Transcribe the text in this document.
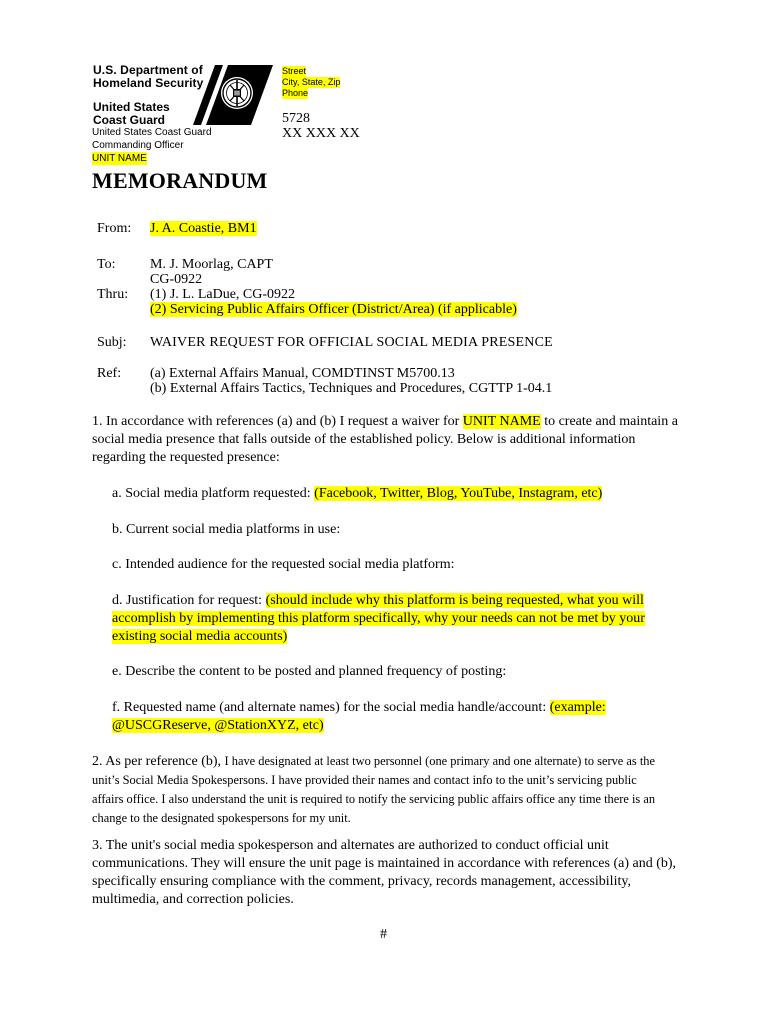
U.S. Department of
Homeland Security
United States
Coast Guard
Street
City, State, Zip
Phone
United States Coast Guard
Commanding Officer
UNIT NAME
5728
XX XXX XX
MEMORANDUM
From: J. A. Coastie, BM1
To: M. J. Moorlag, CAPT
CG-0922
(1) J. L. LaDue, CG-0922
(2) Servicing Public Affairs Officer (District/Area) (if applicable)
Thru:
Subj: WAIVER REQUEST FOR OFFICIAL SOCIAL MEDIA PRESENCE
Ref: (a) External Affairs Manual, COMDTINST M5700.13
(b) External Affairs Tactics, Techniques and Procedures, CGTTP 1-04.1
1. In accordance with references (a) and (b) I request a waiver for UNIT NAME to create and maintain a social media presence that falls outside of the established policy. Below is additional information regarding the requested presence:
a. Social media platform requested: (Facebook, Twitter, Blog, YouTube, Instagram, etc)
b. Current social media platforms in use:
c. Intended audience for the requested social media platform:
d. Justification for request: (should include why this platform is being requested, what you will accomplish by implementing this platform specifically, why your needs can not be met by your existing social media accounts)
e. Describe the content to be posted and planned frequency of posting:
f. Requested name (and alternate names) for the social media handle/account: (example: @USCGReserve, @StationXYZ, etc)
2. As per reference (b), I have designated at least two personnel (one primary and one alternate) to serve as the unit’s Social Media Spokespersons. I have provided their names and contact info to the unit’s servicing public affairs office. I also understand the unit is required to notify the servicing public affairs office any time there is an change to the designated spokespersons for my unit.
3. The unit's social media spokesperson and alternates are authorized to conduct official unit communications. They will ensure the unit page is maintained in accordance with references (a) and (b), specifically ensuring compliance with the comment, privacy, records management, accessibility, multimedia, and correction policies.
#
